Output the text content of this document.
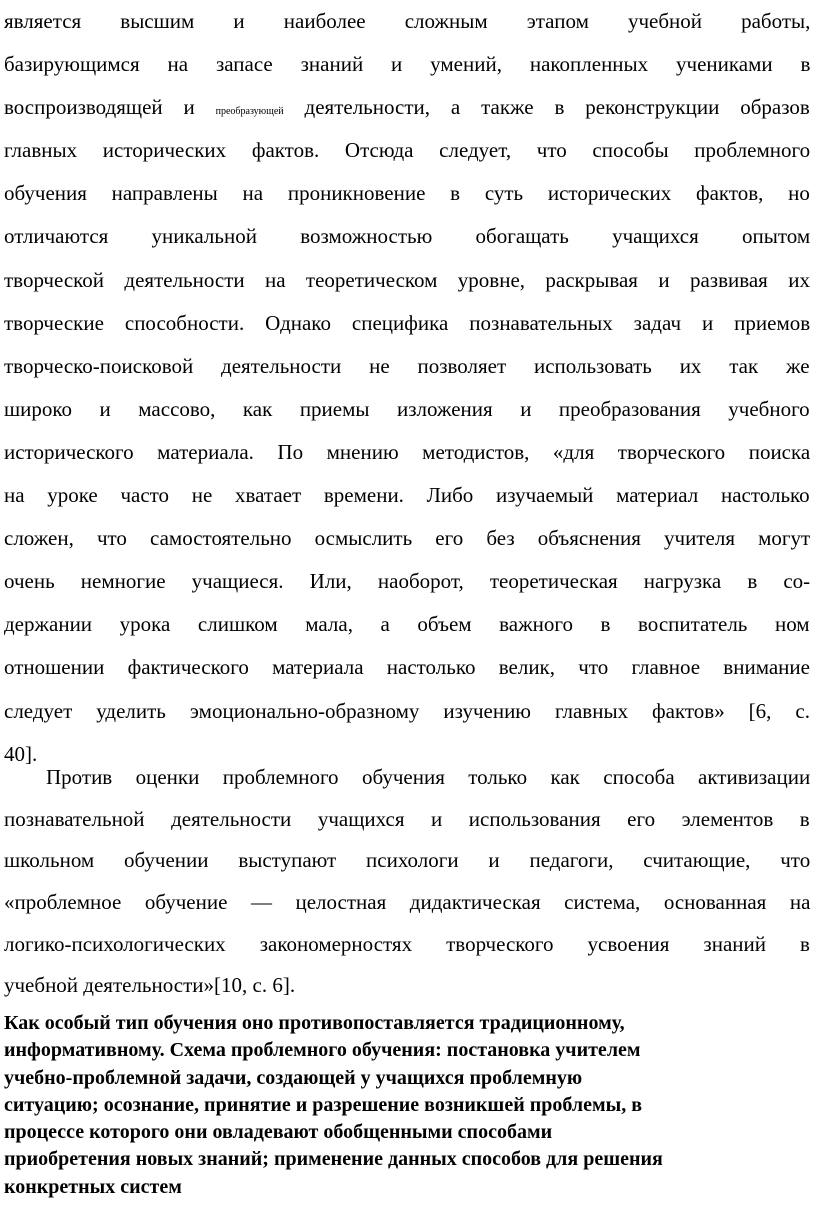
является высшим и наиболее сложным этапом учебной работы,
базирующимся на запасе знаний и умений, накопленных учениками в
воспроизводящей и преобразующей деятельности, а также в реконструкции образов
главных исторических фактов. Отсюда следует, что способы проблемного
обучения направлены на проникновение в суть исторических фактов, но
отличаются уникальной возможностью обогащать учащихся опытом
творческой деятельности на теоретическом уровне, раскрывая и развивая их
творческие способности. Однако специфика познавательных задач и приемов
творческо-поисковой деятельности не позволяет использовать их так же
широко и массово, как приемы изложения и преобразования учебного
исторического материала. По мнению методистов, «для творческого поиска
на уроке часто не хватает времени. Либо изучаемый материал настолько
сложен, что самостоятельно осмыслить его без объяснения учителя могут
очень немногие учащиеся. Или, наоборот, теоретическая нагрузка в со-
держании урока слишком мала, а объем важного в воспитатель ном
отношении фактического материала настолько велик, что главное внимание
следует уделить эмоционально-образному изучению главных фактов» [6, с.
40].
Против оценки проблемного обучения только как способа активизации
познавательной деятельности учащихся и использования его элементов в
школьном обучении выступают психологи и педагоги, считающие, что
«проблемное обучение — целостная дидактическая система, основанная на
логико-психологических закономерностях творческого усвоения знаний в
учебной деятельности»[10, с. 6].
Как особый тип обучения оно противопоставляется традиционному,
информативному. Схема проблемного обучения: постановка учителем
учебно-проблемной задачи, создающей у учащихся проблемную
ситуацию; осознание, принятие и разрешение возникшей проблемы, в
процессе которого они овладевают обобщенными способами
приобретения новых знаний; применение данных способов для решения
конкретных систем
